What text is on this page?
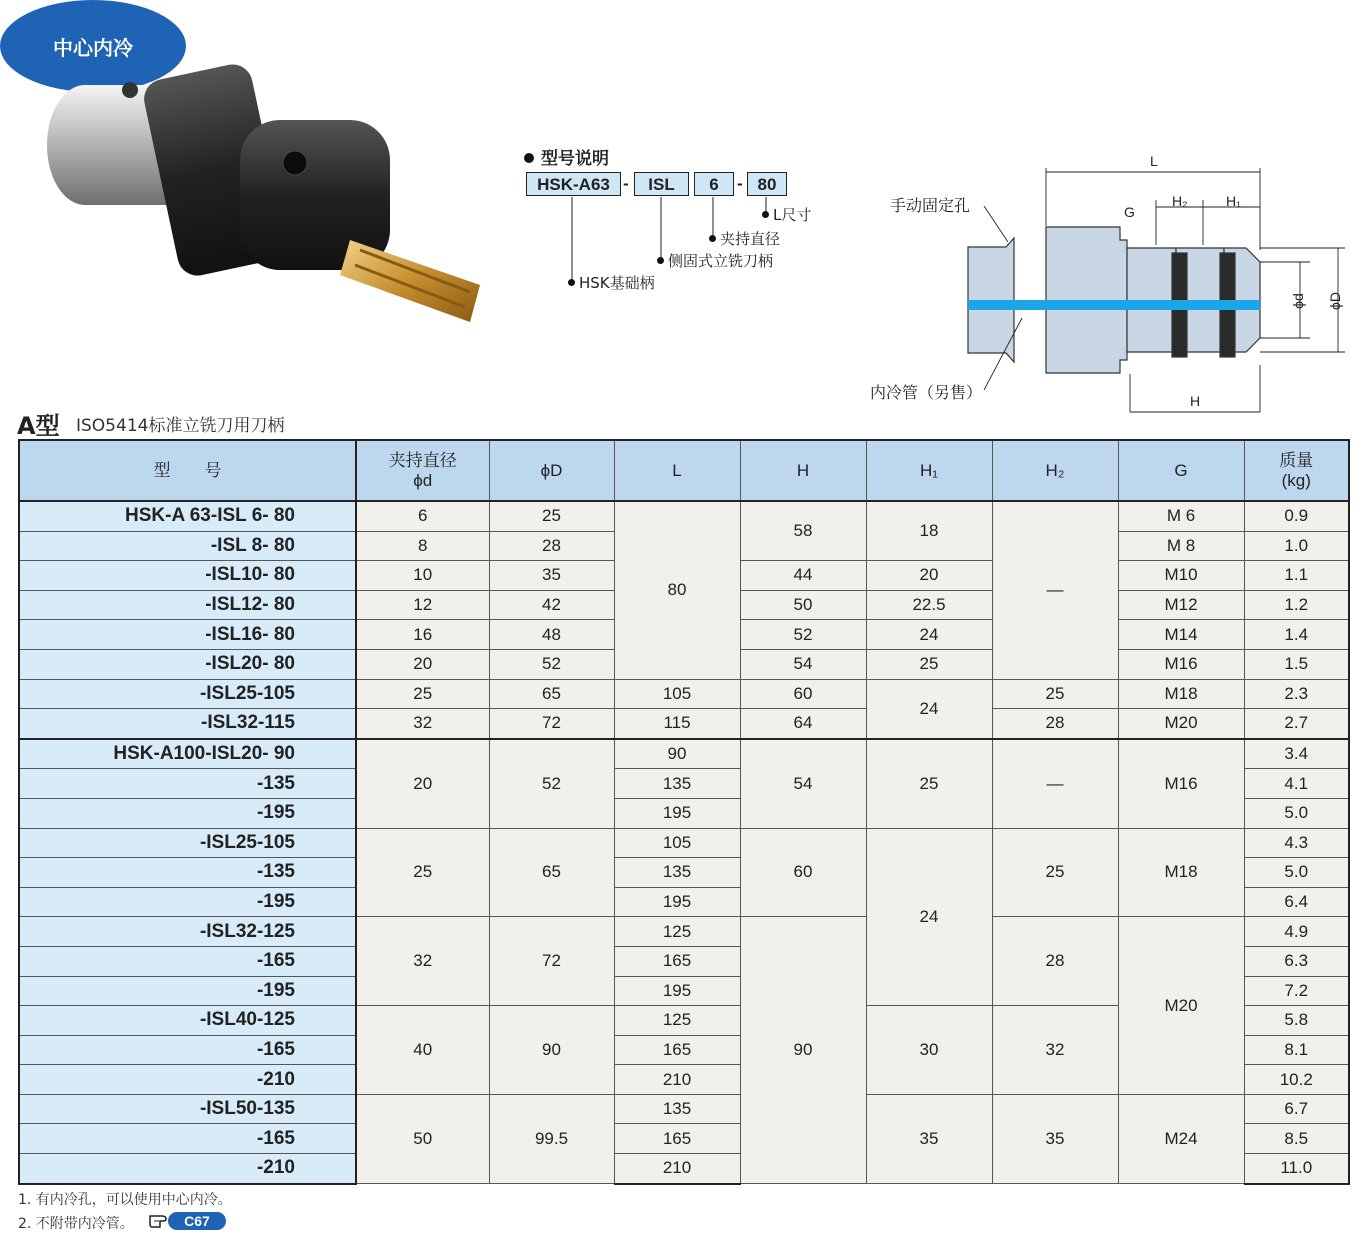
中心内冷
型号说明
HSK-A63 -	ISL	6	- 80
L尺寸
夹持直径
侧固式立铣刀柄
HSK基础柄
手动固定孔
内冷管（另售）
L
G
H₂	H₁
ϕd ϕD
H
A型 ISO5414标准立铣刀用刀柄
型　　号	夹持直径
ϕd	ϕD	L	H	H₁	H₂	G	质量
(kg)
HSK-A 63-ISL 6- 80	6	25	80	58	18	—	M 6	0.9
-ISL 8- 80	8	28					M 8	1.0
-ISL10- 80	10	35		44	20		M10	1.1
-ISL12- 80	12	42		50	22.5		M12	1.2
-ISL16- 80	16	48		52	24		M14	1.4
-ISL20- 80	20	52		54	25		M16	1.5
-ISL25-105	25	65	105	60	24	25	M18	2.3
-ISL32-115	32	72	115	64		28	M20	2.7
HSK-A100-ISL20- 90	20	52	90	54	25	—	M16	3.4
-135			135					4.1
-195			195					5.0
-ISL25-105	25	65	105	60	24	25	M18	4.3
-135			135					5.0
-195			195					6.4
-ISL32-125	32	72	125	90		28	M20	4.9
-165			165					6.3
-195			195					7.2
-ISL40-125	40	90	125		30	32		5.8
-165			165					8.1
-210			210					10.2
-ISL50-135	50	99.5	135		35	35	M24	6.7
-165			165					8.5
-210			210					11.0
1. 有内冷孔，可以使用中心内冷。
2. 不附带内冷管。	C67
